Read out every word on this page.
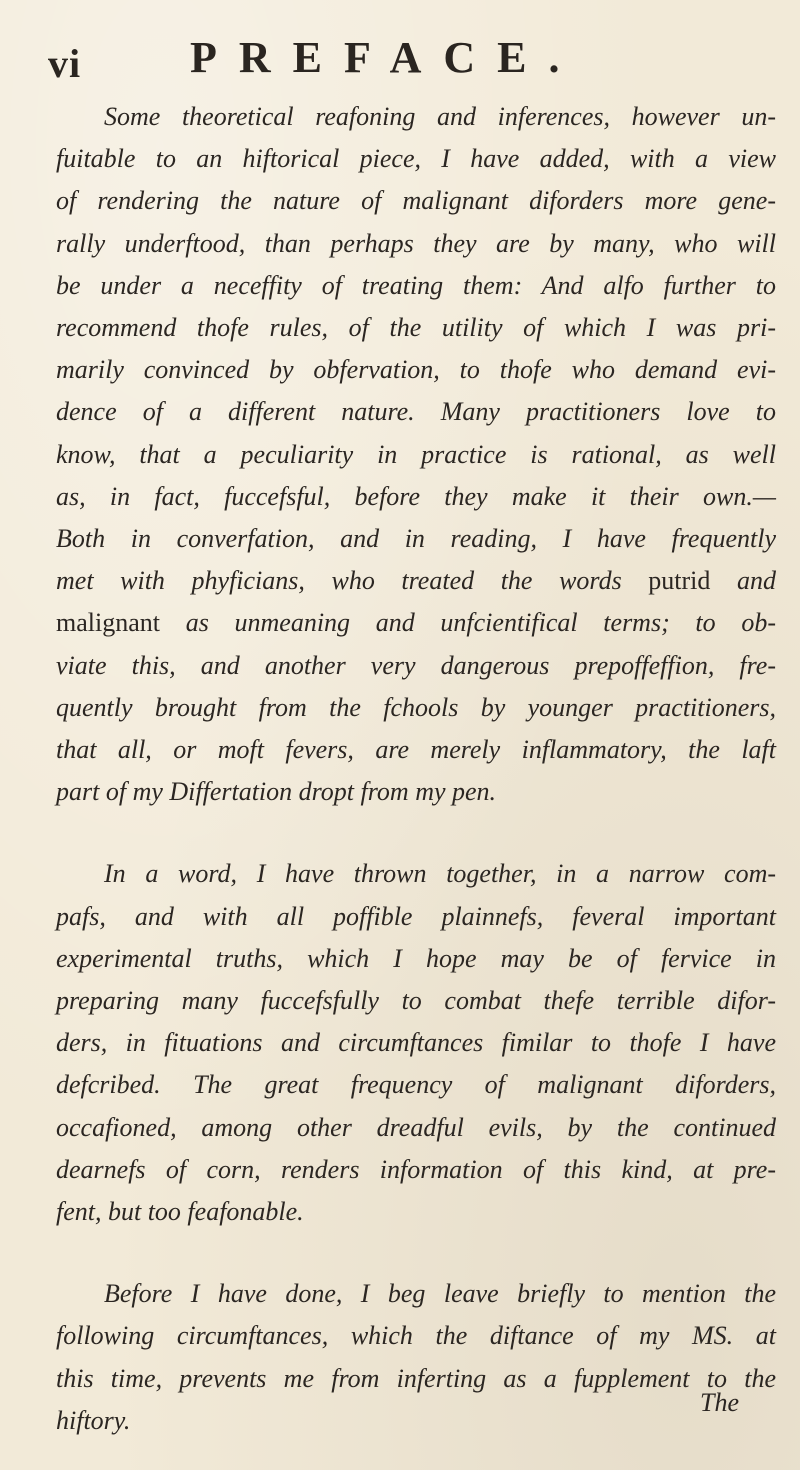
vi PREFACE.

Some theoretical reafoning and inferences, however un-
fuitable to an hiftorical piece, I have added, with a view
of rendering the nature of malignant diforders more gene-
rally underftood, than perhaps they are by many, who will
be under a neceffity of treating them: And alfo further to
recommend thofe rules, of the utility of which I was pri-
marily convinced by obfervation, to thofe who demand evi-
dence of a different nature. Many practitioners love to
know, that a peculiarity in practice is rational, as well
as, in fact, fuccefsful, before they make it their own.—
Both in converfation, and in reading, I have frequently
met with phyficians, who treated the words putrid and
malignant as unmeaning and unfcientifical terms; to ob-
viate this, and another very dangerous prepoffeffion, fre-
quently brought from the fchools by younger practitioners,
that all, or moft fevers, are merely inflammatory, the laft
part of my Differtation dropt from my pen.

In a word, I have thrown together, in a narrow com-
pafs, and with all poffible plainnefs, feveral important
experimental truths, which I hope may be of fervice in
preparing many fuccefsfully to combat thefe terrible difor-
ders, in fituations and circumftances fimilar to thofe I have
defcribed. The great frequency of malignant diforders,
occafioned, among other dreadful evils, by the continued
dearnefs of corn, renders information of this kind, at pre-
fent, but too feafonable.

Before I have done, I beg leave briefly to mention the
following circumftances, which the diftance of my MS. at
this time, prevents me from inferting as a fupplement to the
hiftory.

The
